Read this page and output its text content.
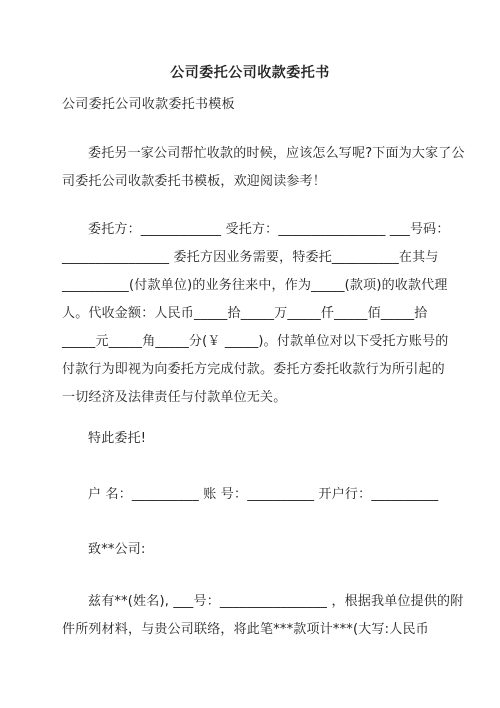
公司委托公司收款委托书
公司委托公司收款委托书模板
委托另一家公司帮忙收款的时候，应该怎么写呢?下面为大家了公
司委托公司收款委托书模板，欢迎阅读参考！
委托方：____________ 受托方：________________ ___号码：
________________ 委托方因业务需要，特委托__________在其与
__________(付款单位)的业务往来中，作为_____(款项)的收款代理
人。代收金额：人民币_____拾_____万_____仟_____佰_____拾
_____元_____角_____分(￥ _____)。付款单位对以下受托方账号的
付款行为即视为向委托方完成付款。委托方委托收款行为所引起的
一切经济及法律责任与付款单位无关。
特此委托!
户 名：__________ 账 号：__________ 开户行：__________
致**公司:
兹有**(姓名), ___号：________________ ，根据我单位提供的附
件所列材料，与贵公司联络，将此笔***款项计***(大写:人民币
